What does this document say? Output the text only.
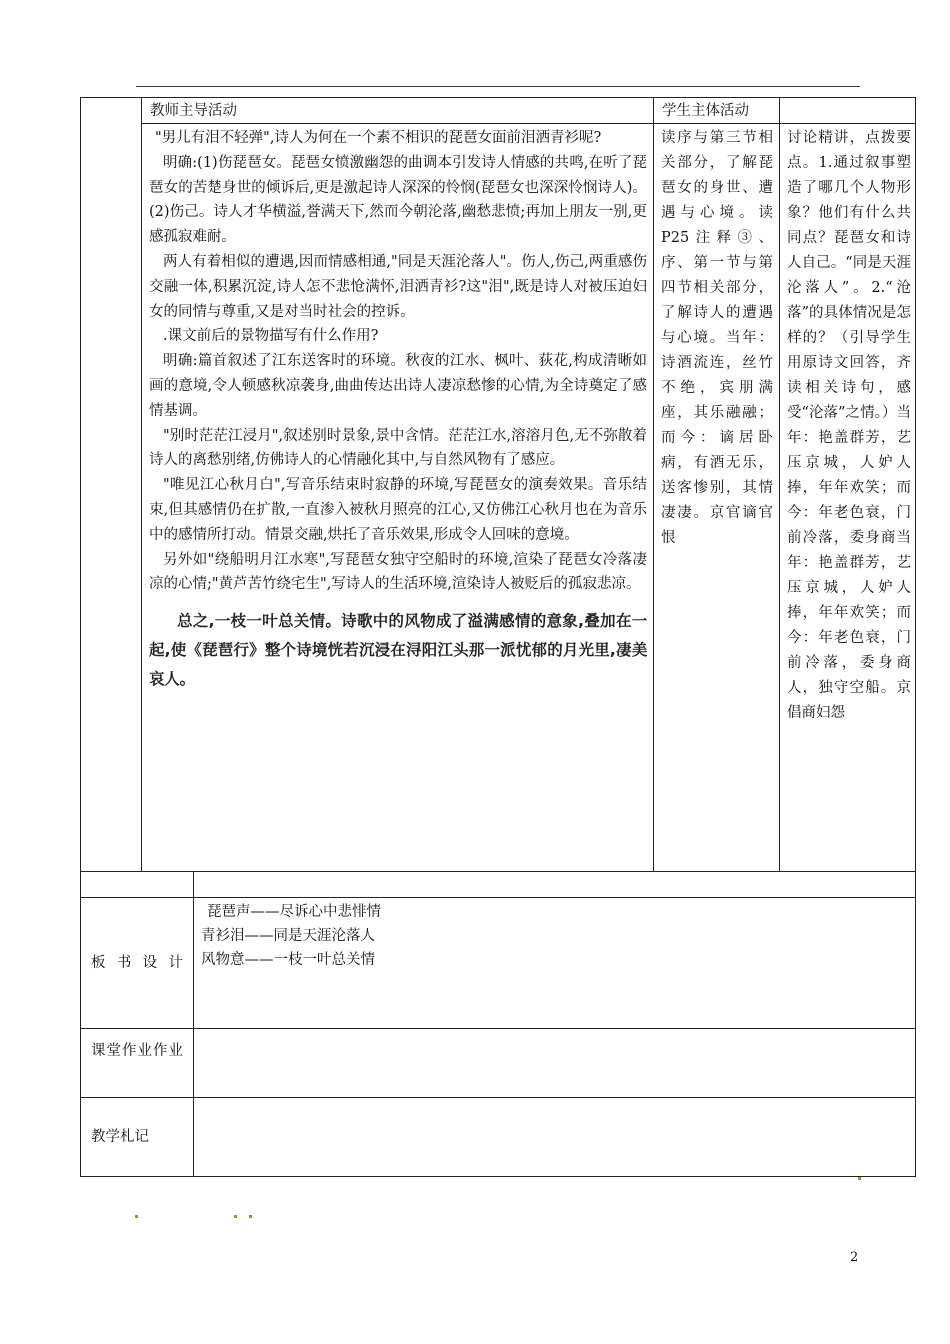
教师主导活动	学生主体活动

"男儿有泪不轻弹",诗人为何在一个素不相识的琵琶女面前泪洒青衫呢?

明确:(1)伤琵琶女。琵琶女愤激幽怨的曲调本引发诗人情感的共鸣,在听了琵琶女的苦楚身世的倾诉后,更是激起诗人深深的怜悯(琵琶女也深深怜悯诗人)。 (2)伤己。诗人才华横溢,誉满天下,然而今朝沦落,幽愁悲愤;再加上朋友一别,更感孤寂难耐。

两人有着相似的遭遇,因而情感相通,"同是天涯沦落人"。伤人,伤己,两重感伤交融一体,积累沉淀,诗人怎不悲怆满怀,泪洒青衫?这"泪",既是诗人对被压迫妇女的同情与尊重,又是对当时社会的控诉。

.课文前后的景物描写有什么作用?

明确:篇首叙述了江东送客时的环境。秋夜的江水、枫叶、荻花,构成清晰如画的意境,令人顿感秋凉袭身,曲曲传达出诗人凄凉愁惨的心情,为全诗奠定了感情基调。

"别时茫茫江浸月",叙述别时景象,景中含情。茫茫江水,溶溶月色,无不弥散着诗人的离愁别绪,仿佛诗人的心情融化其中,与自然风物有了感应。

"唯见江心秋月白",写音乐结束时寂静的环境,写琵琶女的演奏效果。音乐结束,但其感情仍在扩散,一直渗入被秋月照亮的江心,又仿佛江心秋月也在为音乐中的感情所打动。情景交融,烘托了音乐效果,形成令人回味的意境。

另外如"绕船明月江水寒",写琵琶女独守空船时的环境,渲染了琵琶女冷落凄凉的心情;"黄芦苦竹绕宅生",写诗人的生活环境,渲染诗人被贬后的孤寂悲凉。

总之,一枝一叶总关情。诗歌中的风物成了溢满感情的意象,叠加在一起,使《琵琶行》整个诗境恍若沉浸在浔阳江头那一派忧郁的月光里,凄美哀人。

读序与第三节相关部分，了解琵琶女的身世、遭遇与心境。读P25注释③、序、第一节与第四节相关部分，了解诗人的遭遇与心境。当年：诗酒流连，丝竹不绝，宾朋满座，其乐融融；而今：谪居卧病，有酒无乐，送客惨别，其情凄凄。京官谪官恨

讨论精讲，点拨要点。1.通过叙事塑造了哪几个人物形象？他们有什么共同点？琵琶女和诗人自己。“同是天涯沦落人”。2.“沧落”的具体情况是怎样的？（引导学生用原诗文回答，齐读相关诗句，感受“沦落”之情。）当年：艳盖群芳，艺压京城，人妒人捧，年年欢笑；而今：年老色衰，门前冷落，委身商当年：艳盖群芳，艺压京城，人妒人捧，年年欢笑；而今：年老色衰，门前冷落，委身商人，独守空船。京倡商妇怨

板书设计
琵琶声——尽诉心中悲悱情
青衫泪——同是天涯沦落人
风物意——一枝一叶总关情
课堂作业作业
教学札记
2
